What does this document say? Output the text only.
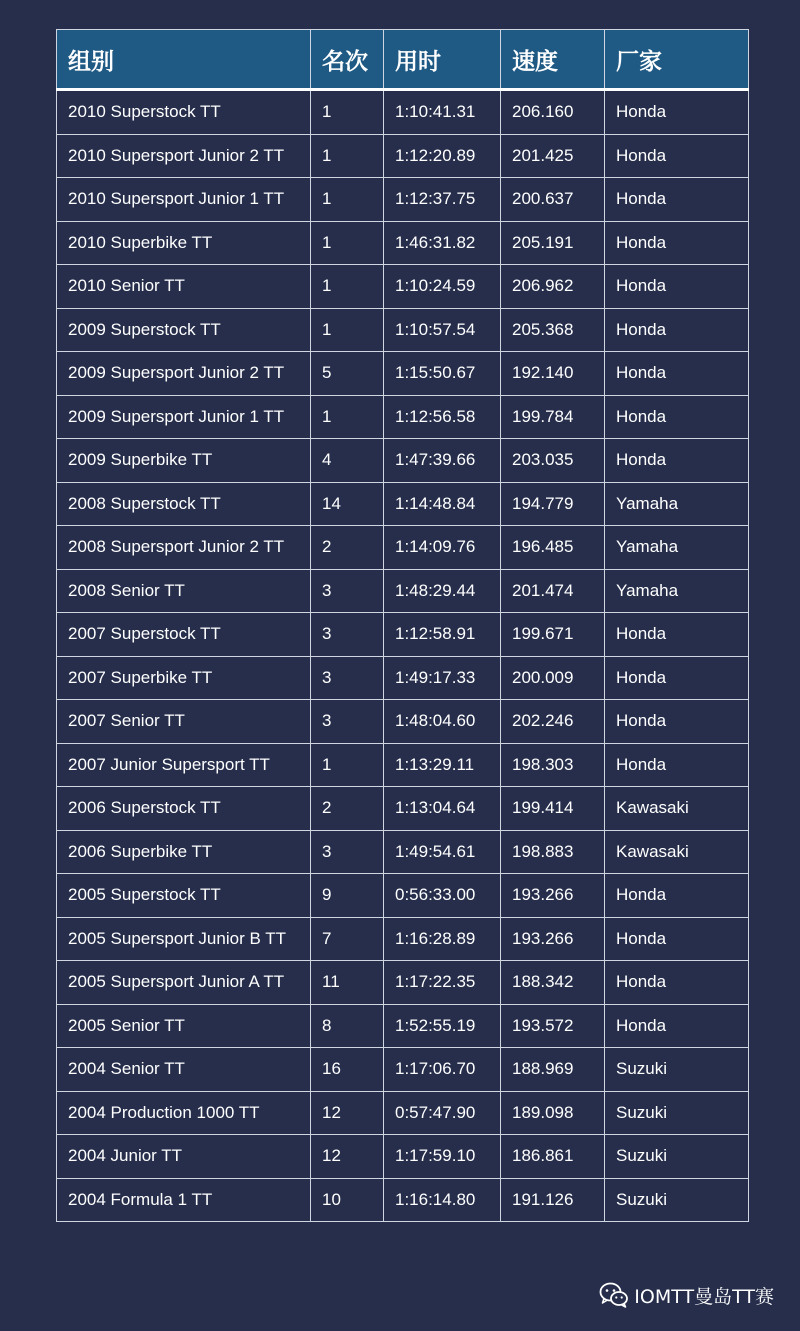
组别	名次	用时	速度	厂家
2010 Superstock TT	1	1:10:41.31	206.160	Honda
2010 Supersport Junior 2 TT	1	1:12:20.89	201.425	Honda
2010 Supersport Junior 1 TT	1	1:12:37.75	200.637	Honda
2010 Superbike TT	1	1:46:31.82	205.191	Honda
2010 Senior TT	1	1:10:24.59	206.962	Honda
2009 Superstock TT	1	1:10:57.54	205.368	Honda
2009 Supersport Junior 2 TT	5	1:15:50.67	192.140	Honda
2009 Supersport Junior 1 TT	1	1:12:56.58	199.784	Honda
2009 Superbike TT	4	1:47:39.66	203.035	Honda
2008 Superstock TT	14	1:14:48.84	194.779	Yamaha
2008 Supersport Junior 2 TT	2	1:14:09.76	196.485	Yamaha
2008 Senior TT	3	1:48:29.44	201.474	Yamaha
2007 Superstock TT	3	1:12:58.91	199.671	Honda
2007 Superbike TT	3	1:49:17.33	200.009	Honda
2007 Senior TT	3	1:48:04.60	202.246	Honda
2007 Junior Supersport TT	1	1:13:29.11	198.303	Honda
2006 Superstock TT	2	1:13:04.64	199.414	Kawasaki
2006 Superbike TT	3	1:49:54.61	198.883	Kawasaki
2005 Superstock TT	9	0:56:33.00	193.266	Honda
2005 Supersport Junior B TT	7	1:16:28.89	193.266	Honda
2005 Supersport Junior A TT	11	1:17:22.35	188.342	Honda
2005 Senior TT	8	1:52:55.19	193.572	Honda
2004 Senior TT	16	1:17:06.70	188.969	Suzuki
2004 Production 1000 TT	12	0:57:47.90	189.098	Suzuki
2004 Junior TT	12	1:17:59.10	186.861	Suzuki
2004 Formula 1 TT	10	1:16:14.80	191.126	Suzuki
IOMTT曼岛TT赛
